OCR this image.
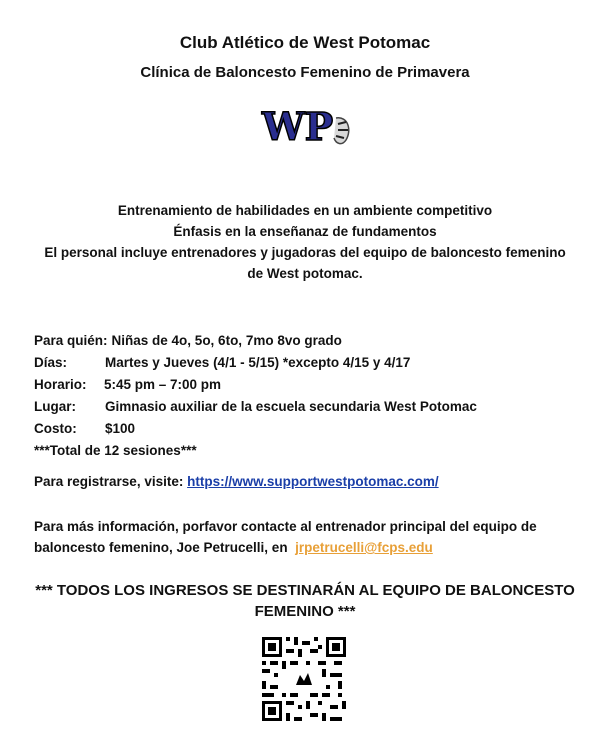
Club Atlético de West Potomac
Clínica de Baloncesto Femenino de Primavera
WP
Entrenamiento de habilidades en un ambiente competitivo
Énfasis en la enseñanaz de fundamentos
El personal incluye entrenadores y jugadoras del equipo de baloncesto femenino
de West potomac.
Para quién: Niñas de 4o, 5o, 6to, 7mo 8vo grado
Días:	Martes y Jueves (4/1 - 5/15) *excepto 4/15 y 4/17
Horario:	5:45 pm – 7:00 pm
Lugar:	Gimnasio auxiliar de la escuela secundaria West Potomac
Costo:	$100
***Total de 12 sesiones***
Para registrarse, visite: https://www.supportwestpotomac.com/
Para más información, porfavor contacte al entrenador principal del equipo de
baloncesto femenino, Joe Petrucelli, en jrpetrucelli@fcps.edu
*** TODOS LOS INGRESOS SE DESTINARÁN AL EQUIPO DE BALONCESTO
FEMENINO ***
